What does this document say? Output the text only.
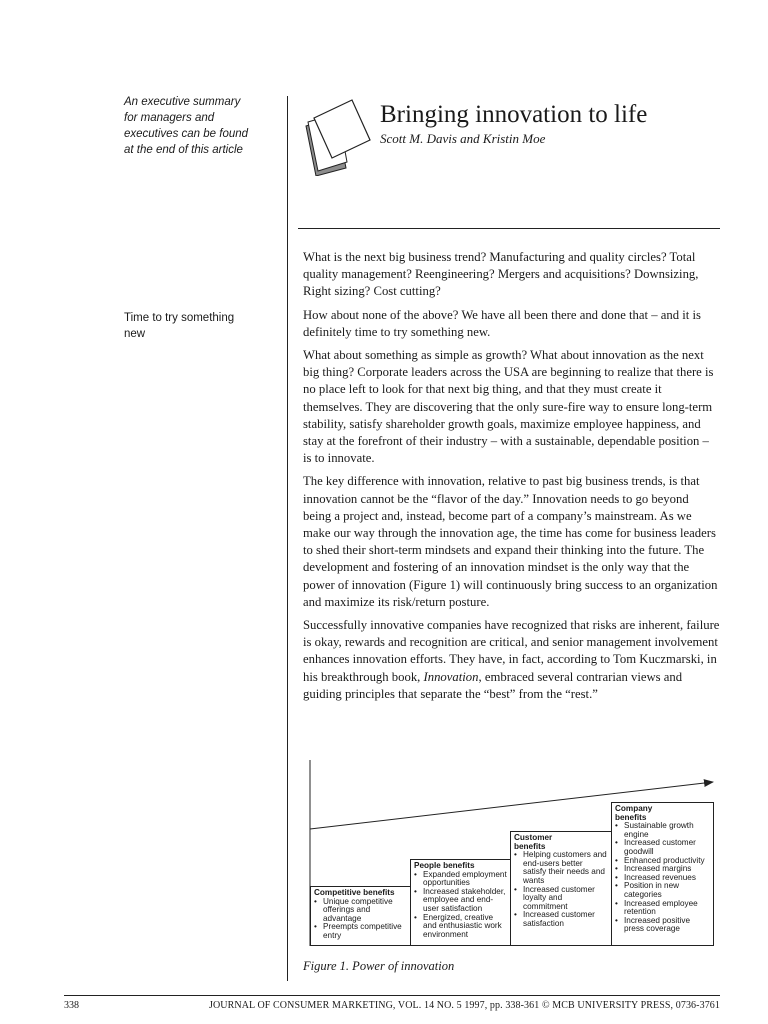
An executive summary
for managers and
executives can be found
at the end of this article
Time to try something
new
Bringing innovation to life
Scott M. Davis and Kristin Moe

What is the next big business trend? Manufacturing and quality circles? Total quality management? Reengineering? Mergers and acquisitions? Downsizing, Right sizing? Cost cutting?

How about none of the above? We have all been there and done that – and it is definitely time to try something new.

What about something as simple as growth? What about innovation as the next big thing? Corporate leaders across the USA are beginning to realize that there is no place left to look for that next big thing, and that they must create it themselves. They are discovering that the only sure-fire way to ensure long-term stability, satisfy shareholder growth goals, maximize employee happiness, and stay at the forefront of their industry – with a sustainable, dependable position – is to innovate.

The key difference with innovation, relative to past big business trends, is that innovation cannot be the “flavor of the day.” Innovation needs to go beyond being a project and, instead, become part of a company’s mainstream. As we make our way through the innovation age, the time has come for business leaders to shed their short-term mindsets and expand their thinking into the future. The development and fostering of an innovation mindset is the only way that the power of innovation (Figure 1) will continuously bring success to an organization and maximize its risk/return posture.

Successfully innovative companies have recognized that risks are inherent, failure is okay, rewards and recognition are critical, and senior management involvement enhances innovation efforts. They have, in fact, according to Tom Kuczmarski, in his breakthrough book, Innovation, embraced several contrarian views and guiding principles that separate the “best” from the “rest.”

Competitive benefits
• Unique competitive offerings and advantage
• Preempts competitive entry
People benefits
• Expanded employment opportunities
• Increased stakeholder, employee and end-user satisfaction
• Energized, creative and enthusiastic work environment
Customer benefits
• Helping customers and end-users better satisfy their needs and wants
• Increased customer loyalty and commitment
• Increased customer satisfaction
Company benefits
• Sustainable growth engine
• Increased customer goodwill
• Enhanced productivity
• Increased margins
• Increased revenues
• Position in new categories
• Increased employee retention
• Increased positive press coverage
Figure 1. Power of innovation
338	JOURNAL OF CONSUMER MARKETING, VOL. 14 NO. 5 1997, pp. 338-361 © MCB UNIVERSITY PRESS, 0736-3761
